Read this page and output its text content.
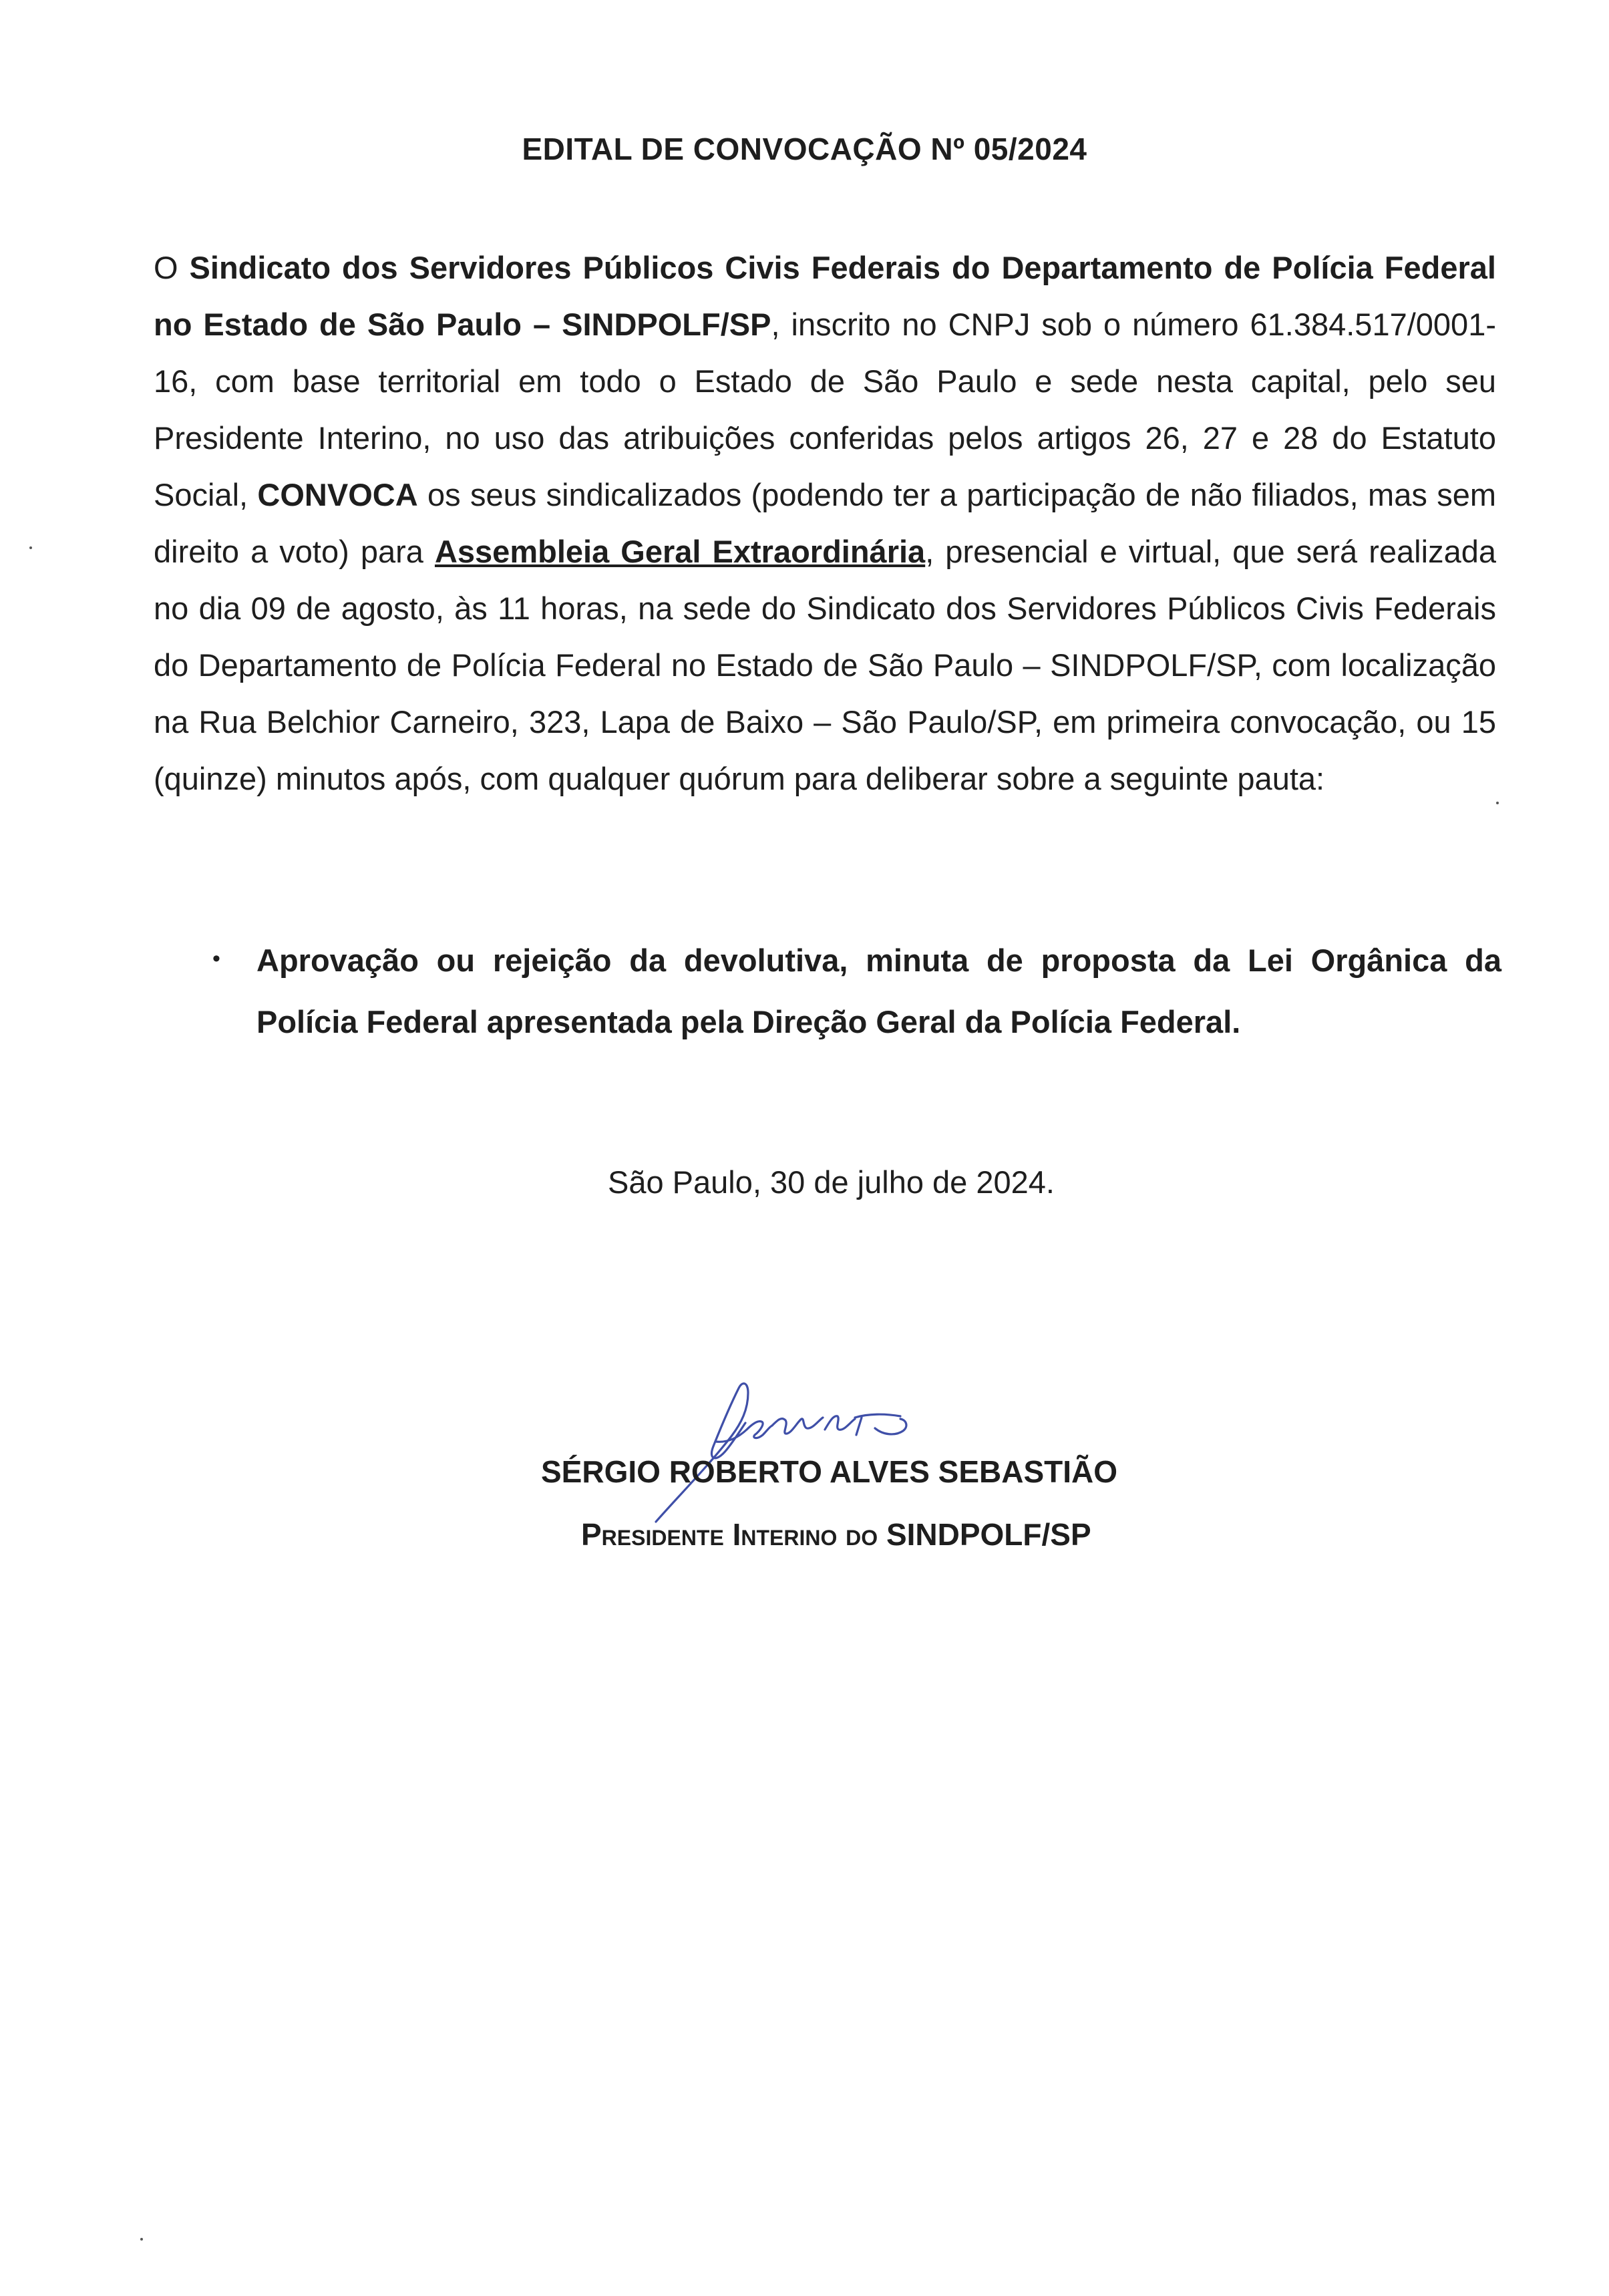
EDITAL DE CONVOCAÇÃO Nº 05/2024

O Sindicato dos Servidores Públicos Civis Federais do Departamento de Polícia Federal no Estado de São Paulo – SINDPOLF/SP, inscrito no CNPJ sob o número 61.384.517/0001-16, com base territorial em todo o Estado de São Paulo e sede nesta capital, pelo seu Presidente Interino, no uso das atribuições conferidas pelos artigos 26, 27 e 28 do Estatuto Social, CONVOCA os seus sindicalizados (podendo ter a participação de não filiados, mas sem direito a voto) para Assembleia Geral Extraordinária, presencial e virtual, que será realizada no dia 09 de agosto, às 11 horas, na sede do Sindicato dos Servidores Públicos Civis Federais do Departamento de Polícia Federal no Estado de São Paulo – SINDPOLF/SP, com localização na Rua Belchior Carneiro, 323, Lapa de Baixo – São Paulo/SP, em primeira convocação, ou 15 (quinze) minutos após, com qualquer quórum para deliberar sobre a seguinte pauta:

•	Aprovação ou rejeição da devolutiva, minuta de proposta da Lei Orgânica da Polícia Federal apresentada pela Direção Geral da Polícia Federal.
São Paulo, 30 de julho de 2024.
SÉRGIO ROBERTO ALVES SEBASTIÃO
Presidente Interino do SINDPOLF/SP
